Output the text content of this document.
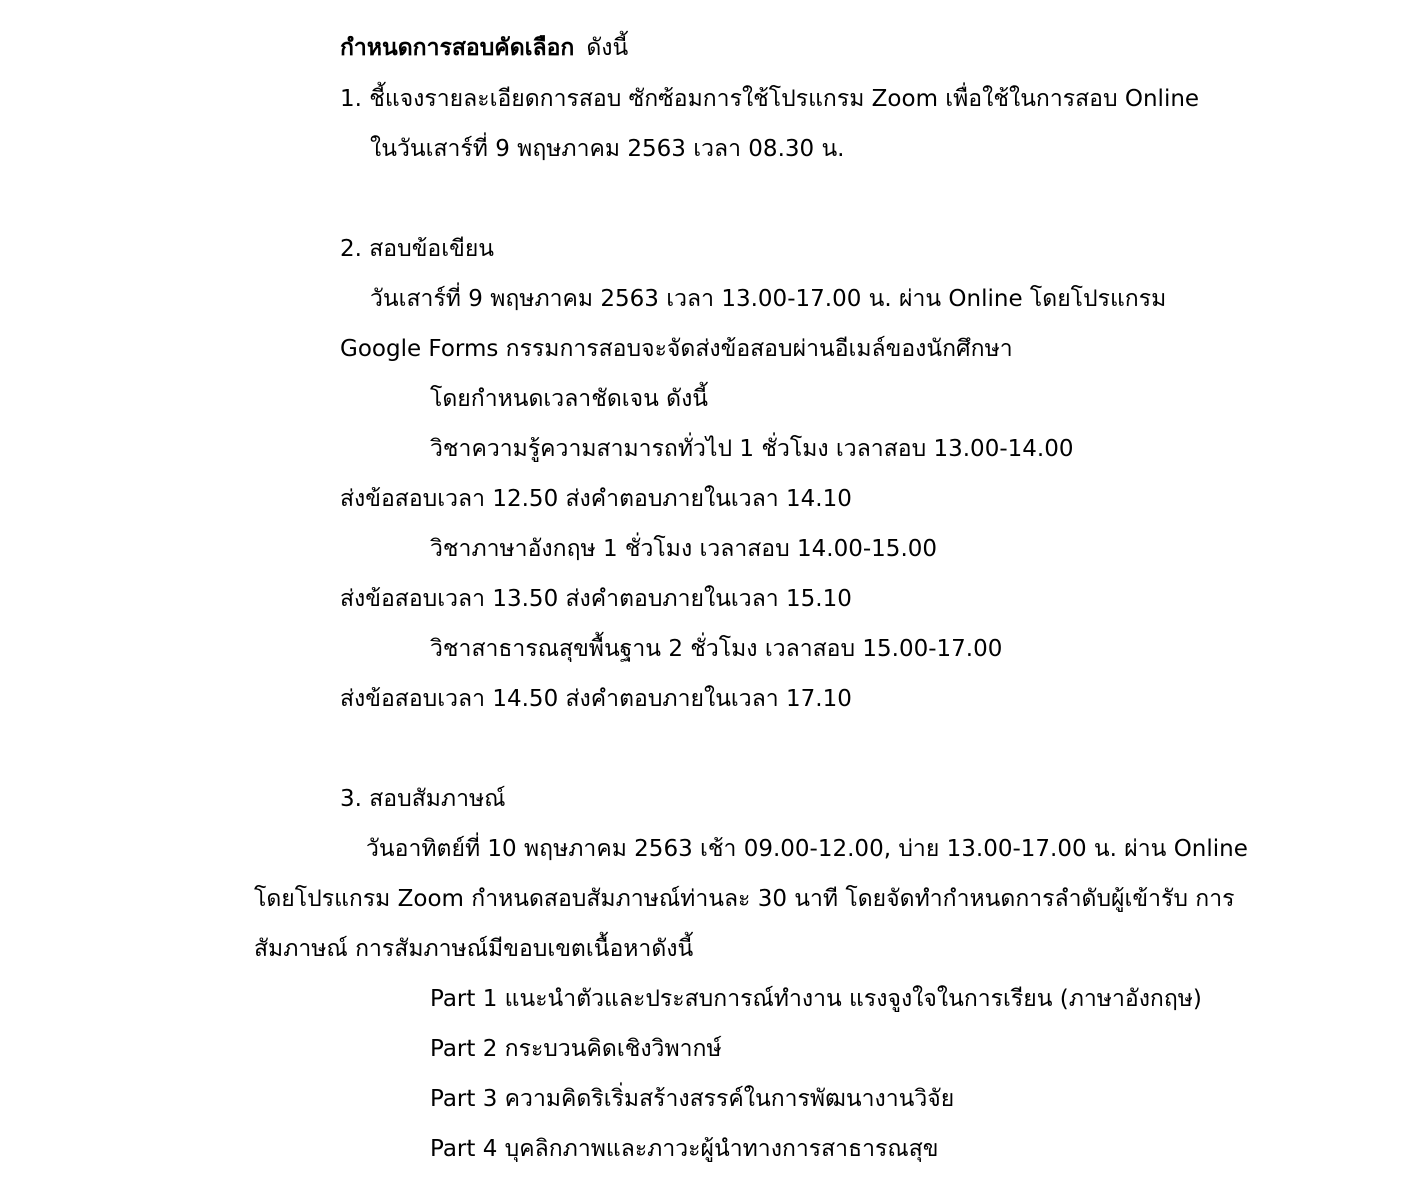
กำหนดการสอบคัดเลือก ดังนี้
1. ชี้แจงรายละเอียดการสอบ ซักซ้อมการใช้โปรแกรม Zoom เพื่อใช้ในการสอบ Online
ในวันเสาร์ที่ 9 พฤษภาคม 2563 เวลา 08.30 น.
2. สอบข้อเขียน
วันเสาร์ที่ 9 พฤษภาคม 2563 เวลา 13.00-17.00 น. ผ่าน Online โดยโปรแกรม
Google Forms กรรมการสอบจะจัดส่งข้อสอบผ่านอีเมล์ของนักศึกษา
โดยกำหนดเวลาชัดเจน ดังนี้
วิชาความรู้ความสามารถทั่วไป 1 ชั่วโมง เวลาสอบ 13.00-14.00
ส่งข้อสอบเวลา 12.50 ส่งคำตอบภายในเวลา 14.10
วิชาภาษาอังกฤษ 1 ชั่วโมง เวลาสอบ 14.00-15.00
ส่งข้อสอบเวลา 13.50 ส่งคำตอบภายในเวลา 15.10
วิชาสาธารณสุขพื้นฐาน 2 ชั่วโมง เวลาสอบ 15.00-17.00
ส่งข้อสอบเวลา 14.50 ส่งคำตอบภายในเวลา 17.10
3. สอบสัมภาษณ์
วันอาทิตย์ที่ 10 พฤษภาคม 2563 เช้า 09.00-12.00, บ่าย 13.00-17.00 น. ผ่าน Online
โดยโปรแกรม Zoom กำหนดสอบสัมภาษณ์ท่านละ 30 นาที โดยจัดทำกำหนดการลำดับผู้เข้ารับ การ
สัมภาษณ์ การสัมภาษณ์มีขอบเขตเนื้อหาดังนี้
Part 1 แนะนำตัวและประสบการณ์ทำงาน แรงจูงใจในการเรียน (ภาษาอังกฤษ)
Part 2 กระบวนคิดเชิงวิพากษ์
Part 3 ความคิดริเริ่มสร้างสรรค์ในการพัฒนางานวิจัย
Part 4 บุคลิกภาพและภาวะผู้นำทางการสาธารณสุข
